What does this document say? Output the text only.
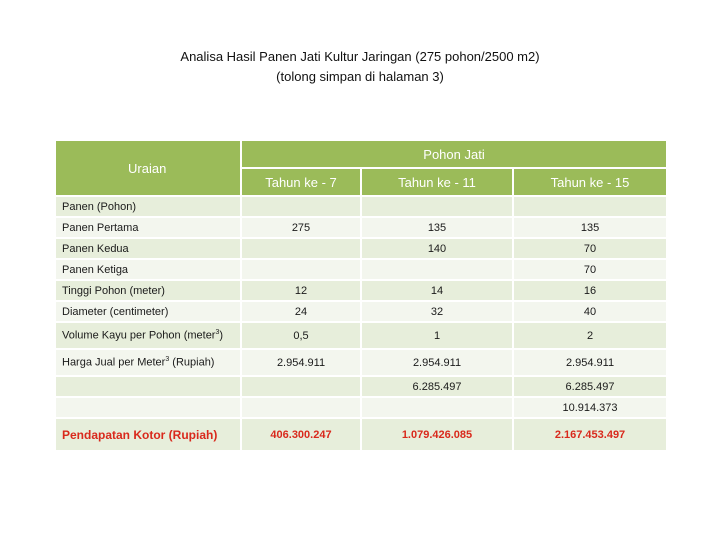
Analisa Hasil Panen Jati Kultur Jaringan (275 pohon/2500 m2)
(tolong simpan di halaman 3)
Uraian	Pohon Jati		
	Tahun ke - 7	Tahun ke - 11	Tahun ke - 15
Panen (Pohon)			
Panen Pertama	275	135	135
Panen Kedua		140	70
Panen Ketiga			70
Tinggi Pohon (meter)	12	14	16
Diameter (centimeter)	24	32	40
Volume Kayu per Pohon (meter$^3$)	0,5	1	2
Harga Jual per Meter$^3$ (Rupiah)	2.954.911	2.954.911	2.954.911
		6.285.497	6.285.497
			10.914.373
Pendapatan Kotor (Rupiah)	406.300.247	1.079.426.085	2.167.453.497
